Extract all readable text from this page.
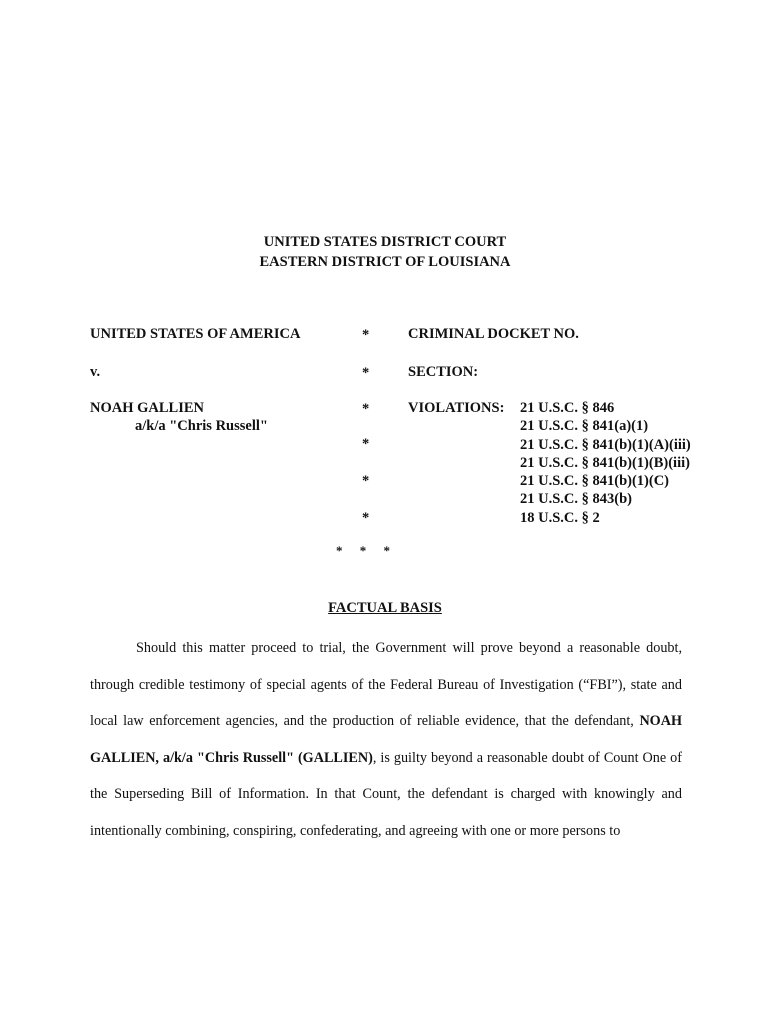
UNITED STATES DISTRICT COURT
EASTERN DISTRICT OF LOUISIANA
UNITED STATES OF AMERICA
v.
NOAH GALLIEN
a/k/a "Chris Russell"
*
*
*
*
*
*
CRIMINAL DOCKET NO.
SECTION:
VIOLATIONS: 21 U.S.C. § 846
21 U.S.C. § 841(a)(1)
21 U.S.C. § 841(b)(1)(A)(iii)
21 U.S.C. § 841(b)(1)(B)(iii)
21 U.S.C. § 841(b)(1)(C)
21 U.S.C. § 843(b)
18 U.S.C. § 2
* * *
FACTUAL BASIS
Should this matter proceed to trial, the Government will prove beyond a reasonable doubt, through credible testimony of special agents of the Federal Bureau of Investigation (“FBI”), state and local law enforcement agencies, and the production of reliable evidence, that the defendant, NOAH GALLIEN, a/k/a "Chris Russell" (GALLIEN), is guilty beyond a reasonable doubt of Count One of the Superseding Bill of Information. In that Count, the defendant is charged with knowingly and intentionally combining, conspiring, confederating, and agreeing with one or more persons to
